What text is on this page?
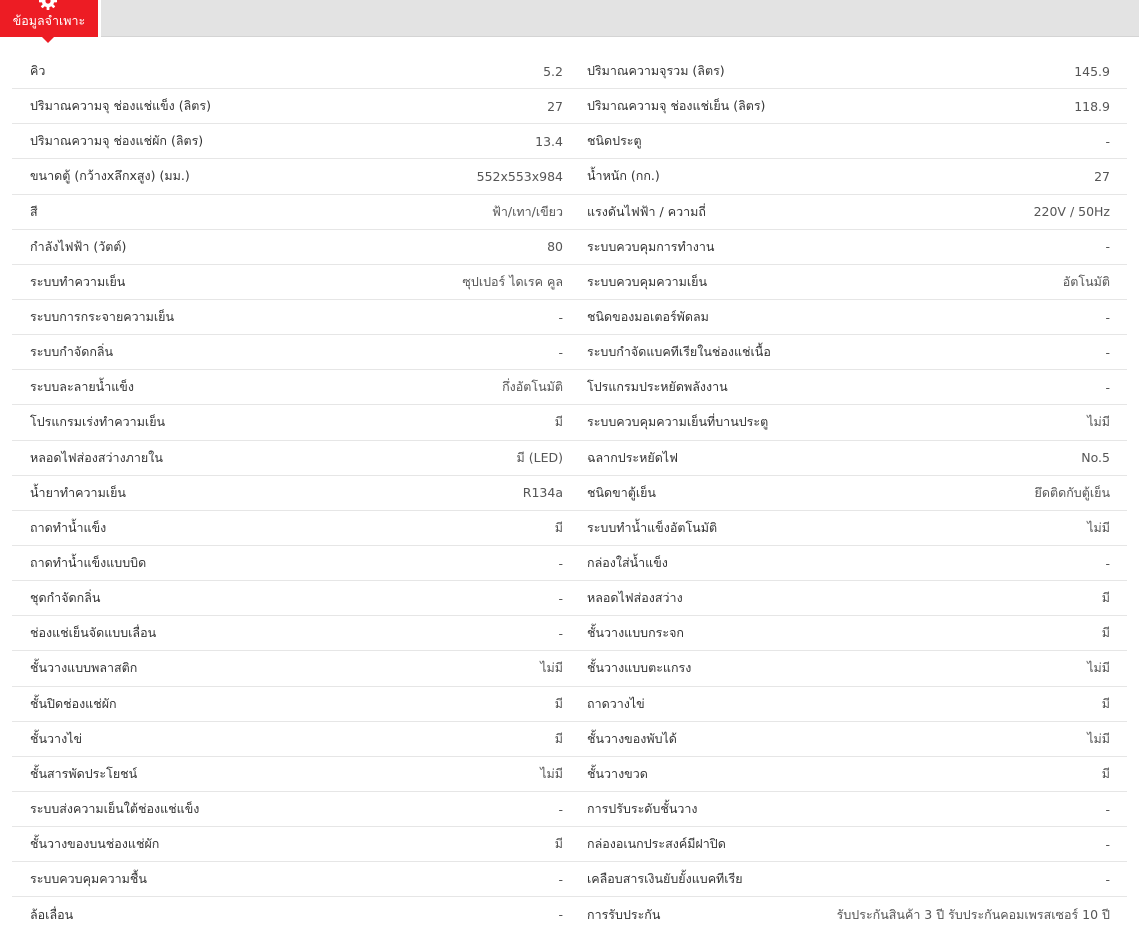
ข้อมูลจำเพาะ
คิว	5.2 ปริมาณความจุรวม (ลิตร)	145.9
ปริมาณความจุ ช่องแช่แข็ง (ลิตร)	27 ปริมาณความจุ ช่องแช่เย็น (ลิตร)	118.9
ปริมาณความจุ ช่องแช่ผัก (ลิตร)	13.4 ชนิดประตู	-
ขนาดตู้ (กว้างxลึกxสูง) (มม.)	552x553x984 น้ำหนัก (กก.)	27
สี	ฟ้า/เทา/เขียว แรงดันไฟฟ้า / ความถี่	220V / 50Hz
กำลังไฟฟ้า (วัตต์)	80 ระบบควบคุมการทำงาน	-
ระบบทำความเย็น	ซุปเปอร์ ไดเรค คูล ระบบควบคุมความเย็น	อัตโนมัติ
ระบบการกระจายความเย็น	- ชนิดของมอเตอร์พัดลม	-
ระบบกำจัดกลิ่น	- ระบบกำจัดแบคทีเรียในช่องแช่เนื้อ	-
ระบบละลายน้ำแข็ง	กึ่งอัตโนมัติ โปรแกรมประหยัดพลังงาน	-
โปรแกรมเร่งทำความเย็น	มี ระบบควบคุมความเย็นที่บานประตู	ไม่มี
หลอดไฟส่องสว่างภายใน	มี (LED) ฉลากประหยัดไฟ	No.5
น้ำยาทำความเย็น	R134a ชนิดขาตู้เย็น	ยึดติดกับตู้เย็น
ถาดทำน้ำแข็ง	มี ระบบทำน้ำแข็งอัตโนมัติ	ไม่มี
ถาดทำน้ำแข็งแบบบิด	- กล่องใส่น้ำแข็ง	-
ชุดกำจัดกลิ่น	- หลอดไฟส่องสว่าง	มี
ช่องแช่เย็นจัดแบบเลื่อน	- ชั้นวางแบบกระจก	มี
ชั้นวางแบบพลาสติก	ไม่มี ชั้นวางแบบตะแกรง	ไม่มี
ชั้นปิดช่องแช่ผัก	มี ถาดวางไข่	มี
ชั้นวางไข่	มี ชั้นวางของพับได้	ไม่มี
ชั้นสารพัดประโยชน์	ไม่มี ชั้นวางขวด	มี
ระบบส่งความเย็นใต้ช่องแช่แข็ง	- การปรับระดับชั้นวาง	-
ชั้นวางของบนช่องแช่ผัก	มี กล่องอเนกประสงค์มีฝาปิด	-
ระบบควบคุมความชื้น	- เคลือบสารเงินยับยั้งแบคทีเรีย	-
ล้อเลื่อน	- การรับประกัน	รับประกันสินค้า 3 ปี รับประกันคอมเพรสเซอร์ 10 ปี
